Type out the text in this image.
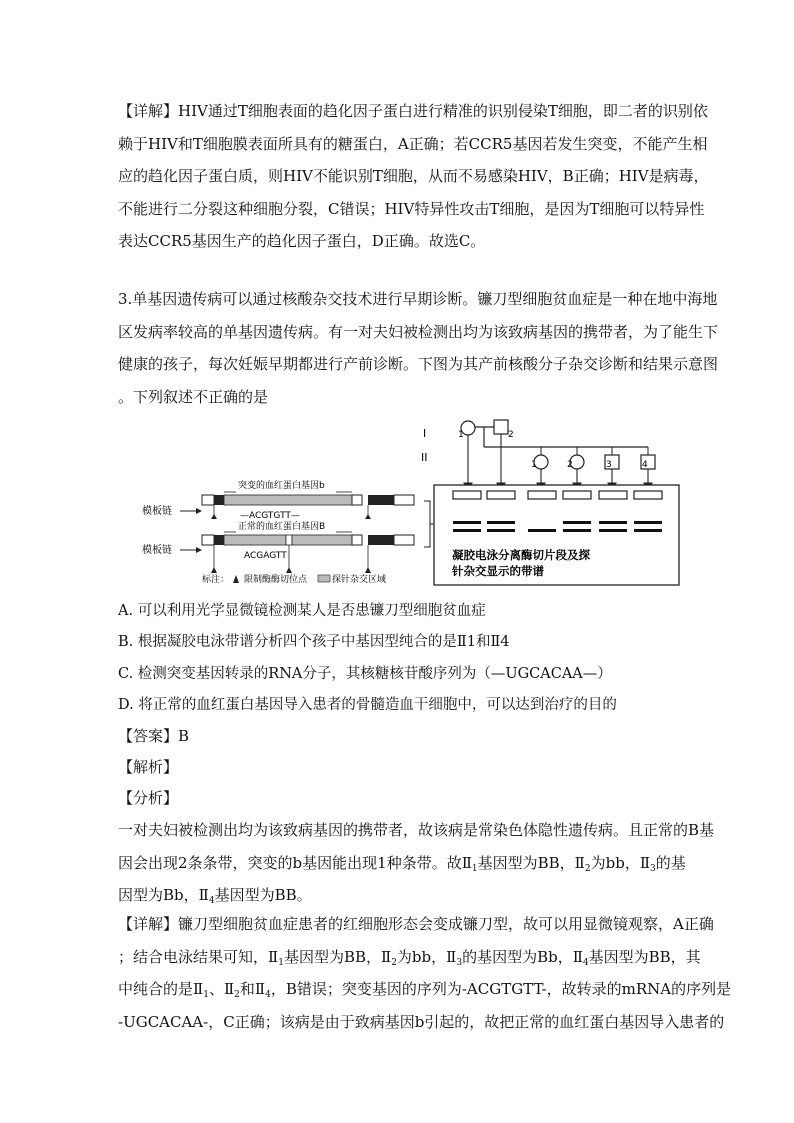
【详解】HIV通过T细胞表面的趋化因子蛋白进行精准的识别侵染T细胞，即二者的识别依
赖于HIV和T细胞膜表面所具有的糖蛋白，A正确；若CCR5基因若发生突变，不能产生相
应的趋化因子蛋白质，则HIV不能识别T细胞，从而不易感染HIV，B正确；HIV是病毒，
不能进行二分裂这种细胞分裂，C错误；HIV特异性攻击T细胞，是因为T细胞可以特异性
表达CCR5基因生产的趋化因子蛋白，D正确。故选C。
3.单基因遗传病可以通过核酸杂交技术进行早期诊断。镰刀型细胞贫血症是一种在地中海地
区发病率较高的单基因遗传病。有一对夫妇被检测出均为该致病基因的携带者，为了能生下
健康的孩子，每次妊娠早期都进行产前诊断。下图为其产前核酸分子杂交诊断和结果示意图
。下列叙述不正确的是
I
II
1	2
1	2	3	4
凝胶电泳分离酶切片段及探
针杂交显示的带谱
突变的血红蛋白基因b
—ACGTGTT—
模板链
正常的血红蛋白基因B
ACGAGTT
模板链
标注： 限制酶酶切位点	探针杂交区域
A. 可以利用光学显微镜检测某人是否患镰刀型细胞贫血症
B. 根据凝胶电泳带谱分析四个孩子中基因型纯合的是Ⅱ1和Ⅱ4
C. 检测突变基因转录的RNA分子，其核糖核苷酸序列为（—UGCACAA—）
D. 将正常的血红蛋白基因导入患者的骨髓造血干细胞中，可以达到治疗的目的
【答案】B
【解析】
【分析】
一对夫妇被检测出均为该致病基因的携带者，故该病是常染色体隐性遗传病。且正常的B基
因会出现2条条带，突变的b基因能出现1种条带。故$Ⅱ_1$基因型为BB，$Ⅱ_2$为bb，$Ⅱ_3$的基
因型为Bb，$Ⅱ_4$基因型为BB。
【详解】镰刀型细胞贫血症患者的红细胞形态会变成镰刀型，故可以用显微镜观察，A正确
；结合电泳结果可知，$Ⅱ_1$基因型为BB，$Ⅱ_2$为bb，$Ⅱ_3$的基因型为Bb，$Ⅱ_4$基因型为BB，其
中纯合的是$Ⅱ_1$、$Ⅱ_2$和$Ⅱ_4$，B错误；突变基因的序列为-ACGTGTT-，故转录的mRNA的序列是
-UGCACAA-，C正确；该病是由于致病基因b引起的，故把正常的血红蛋白基因导入患者的
